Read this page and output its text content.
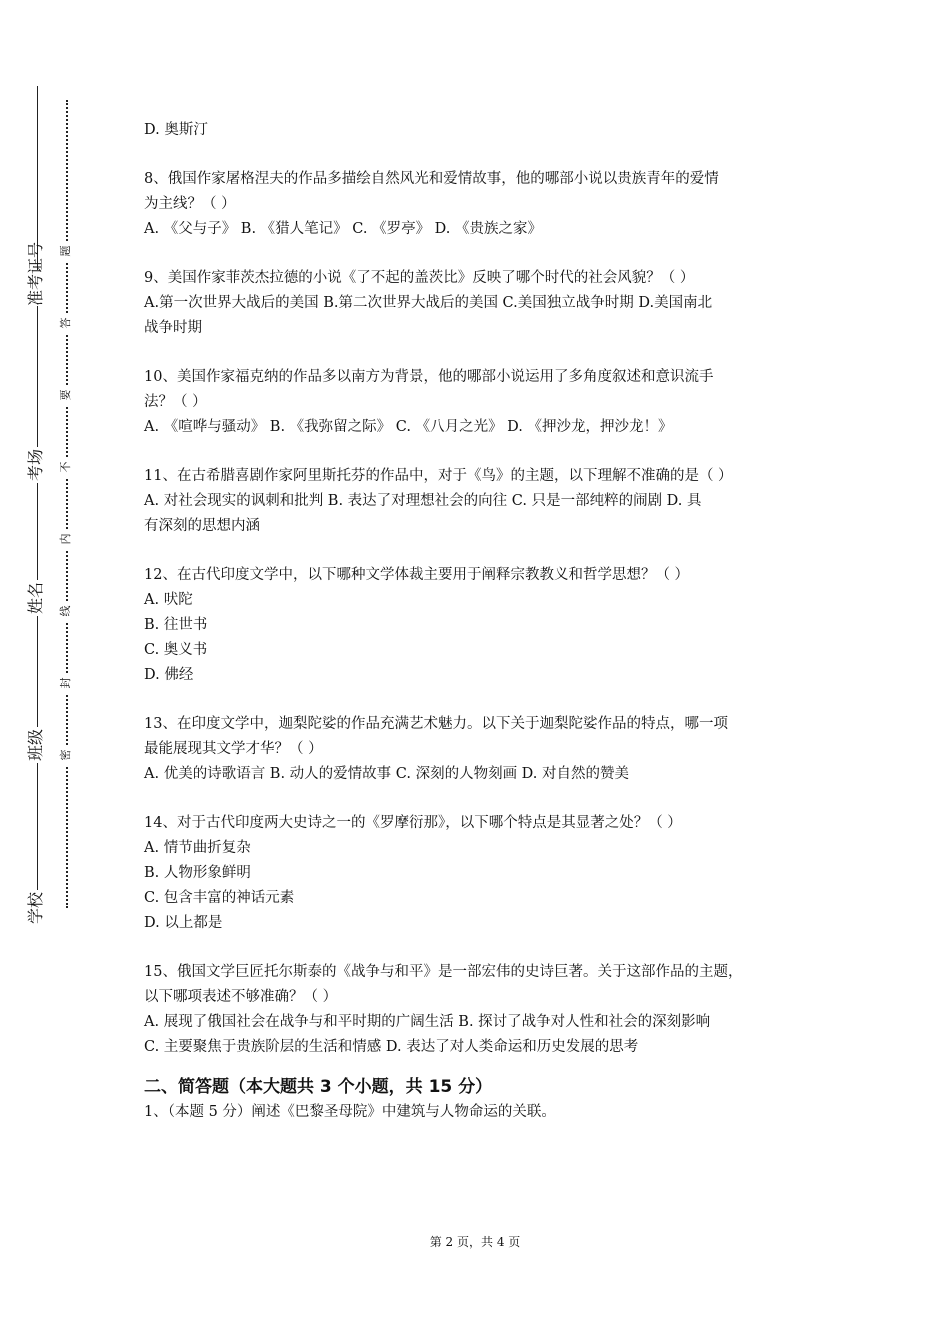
准考证号
考场
姓名
班级
学校
题
答
要
不
内
线
封
密
D. 奥斯汀
8、俄国作家屠格涅夫的作品多描绘自然风光和爱情故事，他的哪部小说以贵族青年的爱情
为主线？（ ）
A. 《父与子》 B. 《猎人笔记》 C. 《罗亭》 D. 《贵族之家》
9、美国作家菲茨杰拉德的小说《了不起的盖茨比》反映了哪个时代的社会风貌？（ ）
A.第一次世界大战后的美国 B.第二次世界大战后的美国 C.美国独立战争时期 D.美国南北
战争时期
10、美国作家福克纳的作品多以南方为背景，他的哪部小说运用了多角度叙述和意识流手
法？（ ）
A. 《喧哗与骚动》 B. 《我弥留之际》 C. 《八月之光》 D. 《押沙龙，押沙龙！》
11、在古希腊喜剧作家阿里斯托芬的作品中，对于《鸟》的主题，以下理解不准确的是（ ）
A. 对社会现实的讽刺和批判 B. 表达了对理想社会的向往 C. 只是一部纯粹的闹剧 D. 具
有深刻的思想内涵
12、在古代印度文学中，以下哪种文学体裁主要用于阐释宗教教义和哲学思想？（ ）
A. 吠陀
B. 往世书
C. 奥义书
D. 佛经
13、在印度文学中，迦梨陀娑的作品充满艺术魅力。以下关于迦梨陀娑作品的特点，哪一项
最能展现其文学才华？（ ）
A. 优美的诗歌语言 B. 动人的爱情故事 C. 深刻的人物刻画 D. 对自然的赞美
14、对于古代印度两大史诗之一的《罗摩衍那》，以下哪个特点是其显著之处？（ ）
A. 情节曲折复杂
B. 人物形象鲜明
C. 包含丰富的神话元素
D. 以上都是
15、俄国文学巨匠托尔斯泰的《战争与和平》是一部宏伟的史诗巨著。关于这部作品的主题，
以下哪项表述不够准确？（ ）
A. 展现了俄国社会在战争与和平时期的广阔生活 B. 探讨了战争对人性和社会的深刻影响
C. 主要聚焦于贵族阶层的生活和情感 D. 表达了对人类命运和历史发展的思考
二、简答题（本大题共 3 个小题，共 15 分）
1、（本题 5 分）阐述《巴黎圣母院》中建筑与人物命运的关联。
第 2 页，共 4 页
